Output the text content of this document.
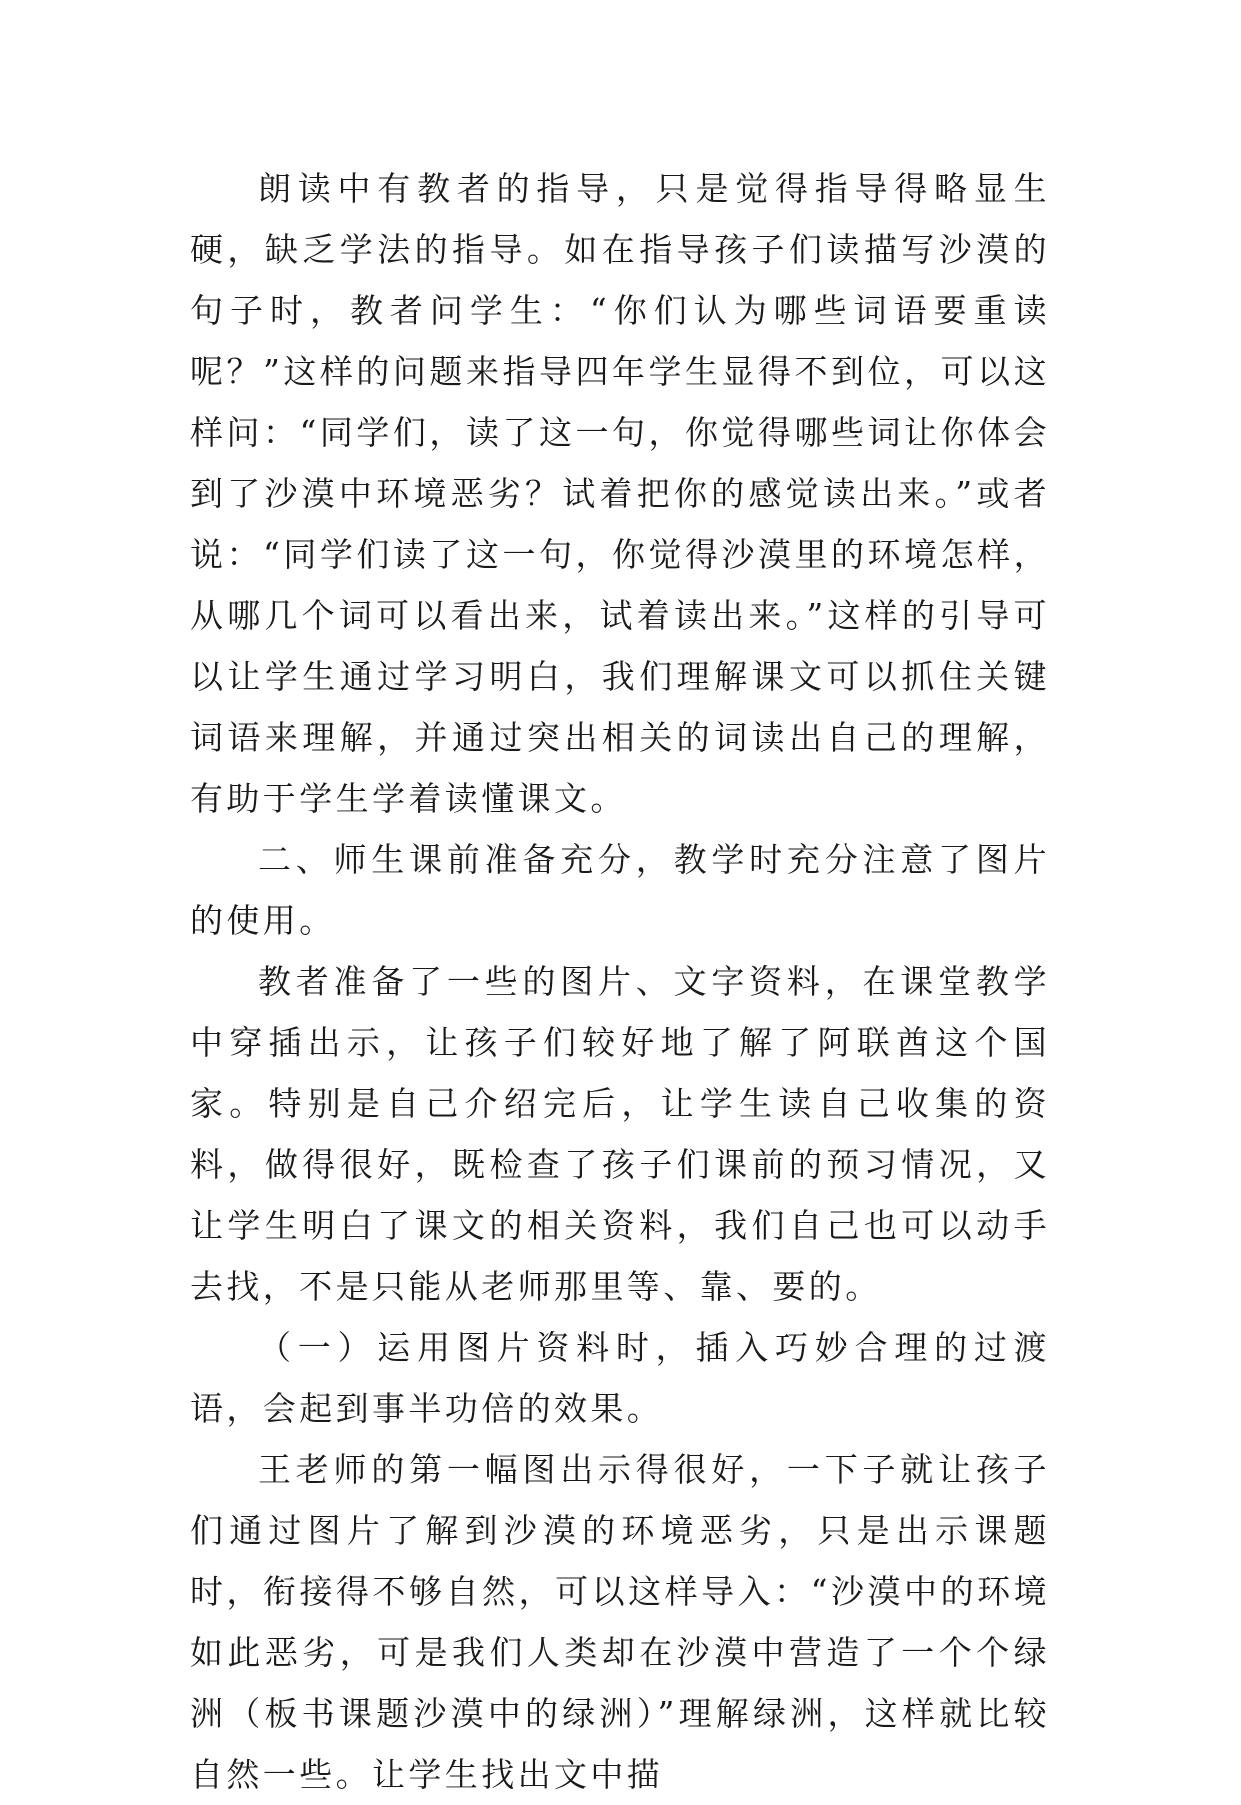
朗读中有教者的指导，只是觉得指导得略显生硬，缺乏学法的指导。如在指导孩子们读描写沙漠的句子时，教者问学生：“你们认为哪些词语要重读呢？”这样的问题来指导四年学生显得不到位，可以这样问：“同学们，读了这一句，你觉得哪些词让你体会到了沙漠中环境恶劣？试着把你的感觉读出来。”或者说：“同学们读了这一句，你觉得沙漠里的环境怎样，从哪几个词可以看出来，试着读出来。”这样的引导可以让学生通过学习明白，我们理解课文可以抓住关键词语来理解，并通过突出相关的词读出自己的理解，有助于学生学着读懂课文。

二、师生课前准备充分，教学时充分注意了图片的使用。

教者准备了一些的图片、文字资料，在课堂教学中穿插出示，让孩子们较好地了解了阿联酋这个国家。特别是自己介绍完后，让学生读自己收集的资料，做得很好，既检查了孩子们课前的预习情况，又让学生明白了课文的相关资料，我们自己也可以动手去找，不是只能从老师那里等、靠、要的。

（一）运用图片资料时，插入巧妙合理的过渡语，会起到事半功倍的效果。

王老师的第一幅图出示得很好，一下子就让孩子们通过图片了解到沙漠的环境恶劣，只是出示课题时，衔接得不够自然，可以这样导入：“沙漠中的环境如此恶劣，可是我们人类却在沙漠中营造了一个个绿洲（板书课题沙漠中的绿洲）”理解绿洲，这样就比较自然一些。让学生找出文中描
